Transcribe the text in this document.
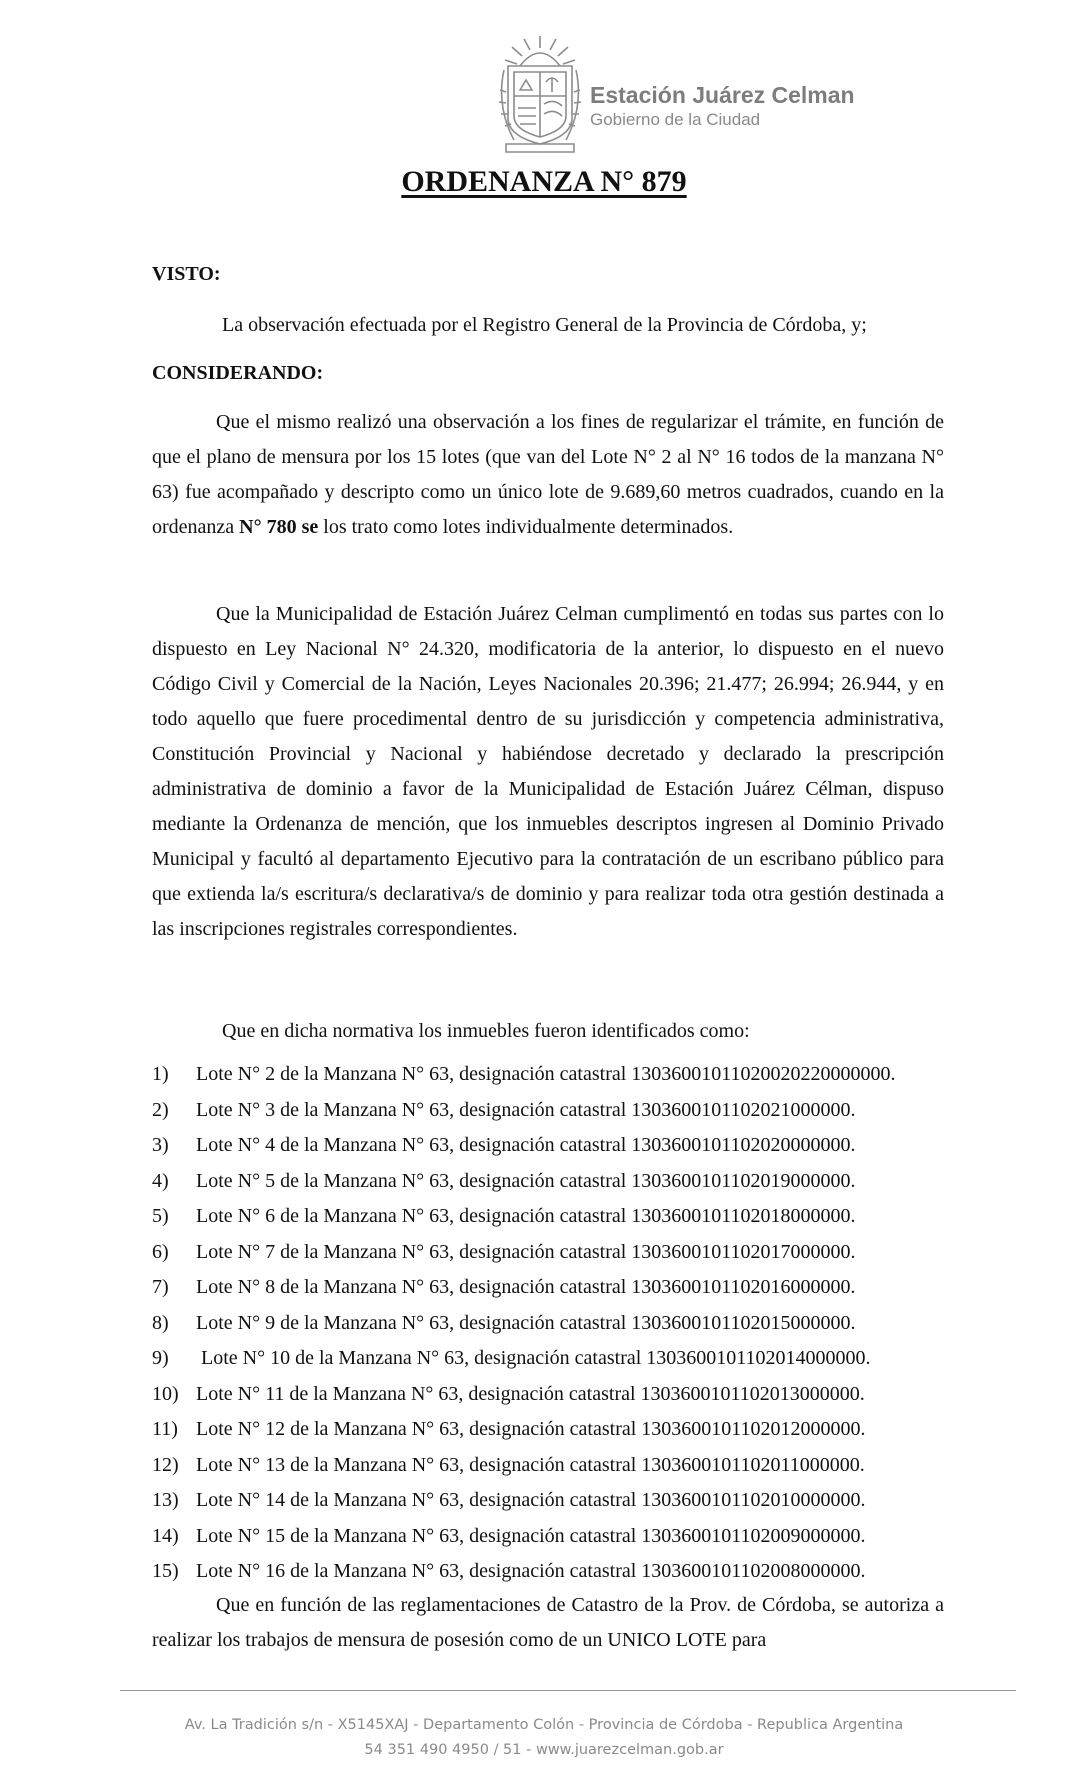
Estación Juárez Celman
Gobierno de la Ciudad
ORDENANZA N° 879
VISTO:
La observación efectuada por el Registro General de la Provincia de Córdoba, y;
CONSIDERANDO:

Que el mismo realizó una observación a los fines de regularizar el trámite, en función de que el plano de mensura por los 15 lotes (que van del Lote N° 2 al N° 16 todos de la manzana N° 63) fue acompañado y descripto como un único lote de 9.689,60 metros cuadrados, cuando en la ordenanza N° 780 se los trato como lotes individualmente determinados.

Que la Municipalidad de Estación Juárez Celman cumplimentó en todas sus partes con lo dispuesto en Ley Nacional N° 24.320, modificatoria de la anterior, lo dispuesto en el nuevo Código Civil y Comercial de la Nación, Leyes Nacionales 20.396; 21.477; 26.994; 26.944, y en todo aquello que fuere procedimental dentro de su jurisdicción y competencia administrativa, Constitución Provincial y Nacional y habiéndose decretado y declarado la prescripción administrativa de dominio a favor de la Municipalidad de Estación Juárez Célman, dispuso mediante la Ordenanza de mención, que los inmuebles descriptos ingresen al Dominio Privado Municipal y facultó al departamento Ejecutivo para la contratación de un escribano público para que extienda la/s escritura/s declarativa/s de dominio y para realizar toda otra gestión destinada a las inscripciones registrales correspondientes.

Que en dicha normativa los inmuebles fueron identificados como:
1) Lote N° 2 de la Manzana N° 63, designación catastral 13036001011020020220000000.
2) Lote N° 3 de la Manzana N° 63, designación catastral 1303600101102021000000.
3) Lote N° 4 de la Manzana N° 63, designación catastral 1303600101102020000000.
4) Lote N° 5 de la Manzana N° 63, designación catastral 1303600101102019000000.
5) Lote N° 6 de la Manzana N° 63, designación catastral 1303600101102018000000.
6) Lote N° 7 de la Manzana N° 63, designación catastral 1303600101102017000000.
7) Lote N° 8 de la Manzana N° 63, designación catastral 1303600101102016000000.
8) Lote N° 9 de la Manzana N° 63, designación catastral 1303600101102015000000.
9) Lote N° 10 de la Manzana N° 63, designación catastral 1303600101102014000000.
10) Lote N° 11 de la Manzana N° 63, designación catastral 1303600101102013000000.
11) Lote N° 12 de la Manzana N° 63, designación catastral 1303600101102012000000.
12) Lote N° 13 de la Manzana N° 63, designación catastral 1303600101102011000000.
13) Lote N° 14 de la Manzana N° 63, designación catastral 1303600101102010000000.
14) Lote N° 15 de la Manzana N° 63, designación catastral 1303600101102009000000.
15) Lote N° 16 de la Manzana N° 63, designación catastral 1303600101102008000000.

Que en función de las reglamentaciones de Catastro de la Prov. de Córdoba, se autoriza a realizar los trabajos de mensura de posesión como de un UNICO LOTE para

Av. La Tradición s/n - X5145XAJ - Departamento Colón - Provincia de Córdoba - Republica Argentina
54 351 490 4950 / 51 - www.juarezcelman.gob.ar
